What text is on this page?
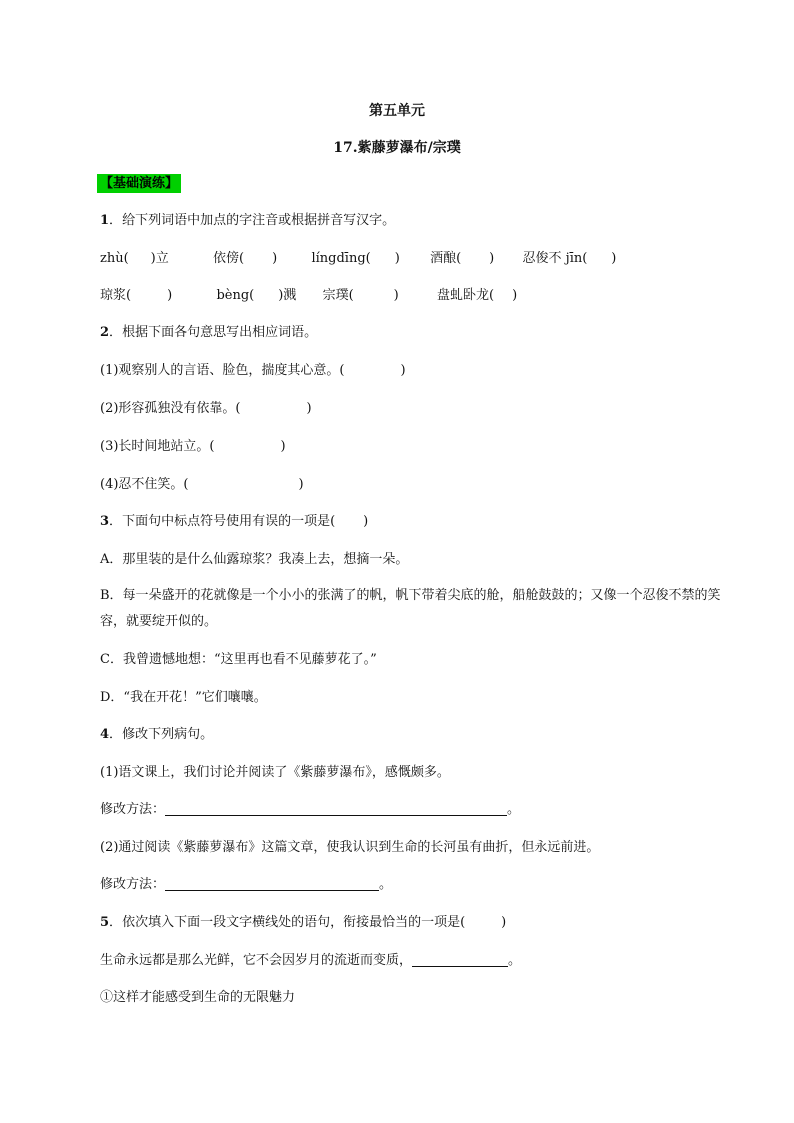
第五单元
17.紫藤萝瀑布/宗璞
【基础演练】
1．给下列词语中加点的字注音或根据拼音写汉字。
zhù( )立	依傍( )	língdīng( ) 酒酿( ) 忍俊不 jīn( )
琼浆(	)	bèng( )溅 宗璞(	)	盘虬卧龙( )
2．根据下面各句意思写出相应词语。
(1)观察别人的言语、脸色，揣度其心意。(	)
(2)形容孤独没有依靠。(	)
(3)长时间地站立。(	)
(4)忍不住笑。(	)
3．下面句中标点符号使用有误的一项是( )
A．那里装的是什么仙露琼浆？我凑上去，想摘一朵。
B．每一朵盛开的花就像是一个小小的张满了的帆，帆下带着尖底的舱，船舱鼓鼓的；又像一个忍俊不禁的笑容，就要绽开似的。
C．我曾遗憾地想：“这里再也看不见藤萝花了。”
D．“我在开花！”它们嚷嚷。
4．修改下列病句。
(1)语文课上，我们讨论并阅读了《紫藤萝瀑布》，感慨颇多。
修改方法：	。
(2)通过阅读《紫藤萝瀑布》这篇文章，使我认识到生命的长河虽有曲折，但永远前进。
修改方法：	。
5．依次填入下面一段文字横线处的语句，衔接最恰当的一项是(	)
生命永远都是那么光鲜，它不会因岁月的流逝而变质，	。
①这样才能感受到生命的无限魅力
